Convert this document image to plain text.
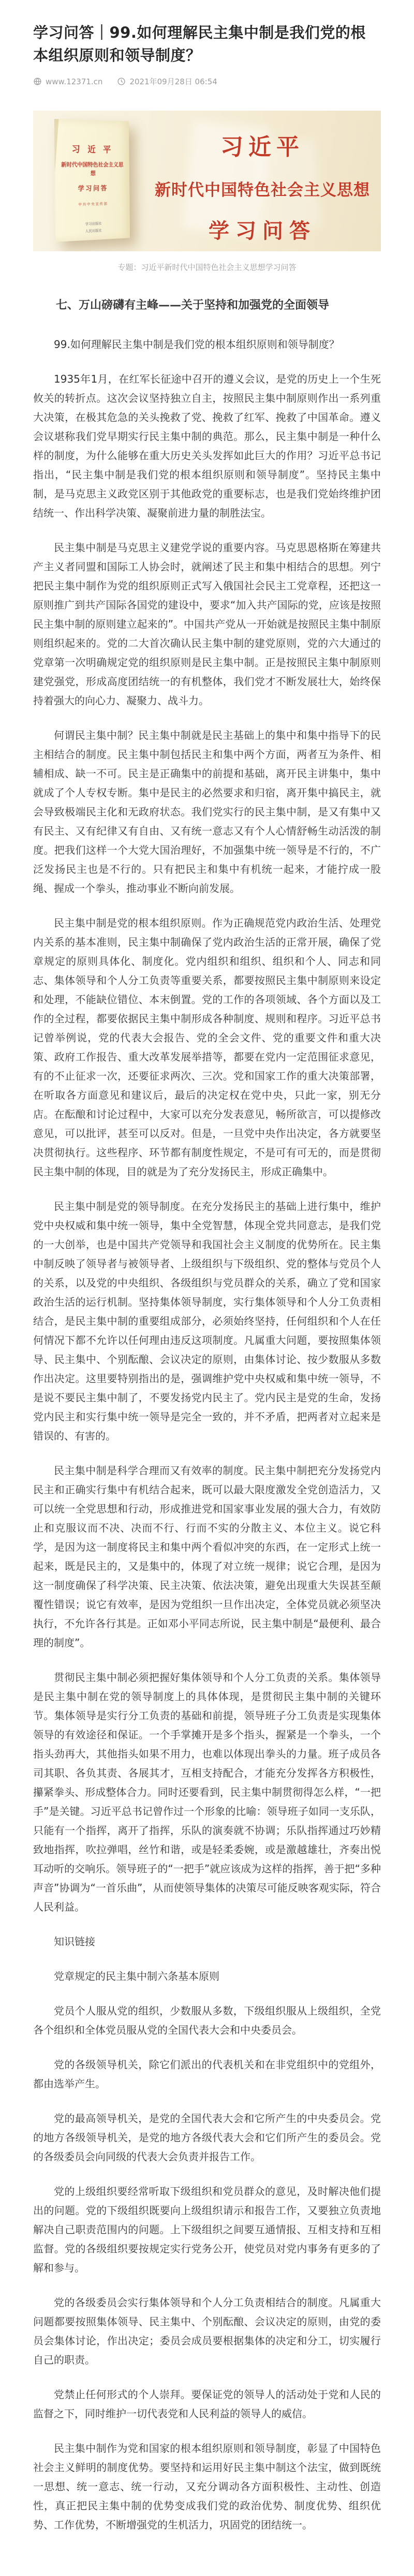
学习问答｜99.如何理解民主集中制是我们党的根本组织原则和领导制度？
www.12371.cn	2021年09月28日 06:54
习 近 平
新时代中国特色社会主义思想
学习问答
中共中央宣传部
学习出版社
人民出版社
习近平
新时代中国特色社会主义思想
学习问答
专题：习近平新时代中国特色社会主义思想学习问答
七、万山磅礴有主峰——关于坚持和加强党的全面领导

99.如何理解民主集中制是我们党的根本组织原则和领导制度？

1935年1月，在红军长征途中召开的遵义会议，是党的历史上一个生死攸关的转折点。这次会议坚持独立自主，按照民主集中制原则作出一系列重大决策，在极其危急的关头挽救了党、挽救了红军、挽救了中国革命。遵义会议堪称我们党早期实行民主集中制的典范。那么，民主集中制是一种什么样的制度，为什么能够在重大历史关头发挥如此巨大的作用？习近平总书记指出，“民主集中制是我们党的根本组织原则和领导制度”。坚持民主集中制，是马克思主义政党区别于其他政党的重要标志，也是我们党始终维护团结统一、作出科学决策、凝聚前进力量的制胜法宝。

民主集中制是马克思主义建党学说的重要内容。马克思恩格斯在筹建共产主义者同盟和国际工人协会时，就阐述了民主和集中相结合的思想。列宁把民主集中制作为党的组织原则正式写入俄国社会民主工党章程，还把这一原则推广到共产国际各国党的建设中，要求“加入共产国际的党，应该是按照民主集中制的原则建立起来的”。中国共产党从一开始就是按照民主集中制原则组织起来的。党的二大首次确认民主集中制的建党原则，党的六大通过的党章第一次明确规定党的组织原则是民主集中制。正是按照民主集中制原则建党强党，形成高度团结统一的有机整体，我们党才不断发展壮大，始终保持着强大的向心力、凝聚力、战斗力。

何谓民主集中制？民主集中制就是民主基础上的集中和集中指导下的民主相结合的制度。民主集中制包括民主和集中两个方面，两者互为条件、相辅相成、缺一不可。民主是正确集中的前提和基础，离开民主讲集中，集中就成了个人专权专断。集中是民主的必然要求和归宿，离开集中搞民主，就会导致极端民主化和无政府状态。我们党实行的民主集中制，是又有集中又有民主、又有纪律又有自由、又有统一意志又有个人心情舒畅生动活泼的制度。把我们这样一个大党大国治理好，不加强集中统一领导是不行的，不广泛发扬民主也是不行的。只有把民主和集中有机统一起来，才能拧成一股绳、握成一个拳头，推动事业不断向前发展。

民主集中制是党的根本组织原则。作为正确规范党内政治生活、处理党内关系的基本准则，民主集中制确保了党内政治生活的正常开展，确保了党章规定的原则具体化、制度化。党内组织和组织、组织和个人、同志和同志、集体领导和个人分工负责等重要关系，都要按照民主集中制原则来设定和处理，不能缺位错位、本末倒置。党的工作的各项领域、各个方面以及工作的全过程，都要依据民主集中制形成各种制度、规则和程序。习近平总书记曾举例说，党的代表大会报告、党的全会文件、党的重要文件和重大决策、政府工作报告、重大改革发展举措等，都要在党内一定范围征求意见，有的不止征求一次，还要征求两次、三次。党和国家工作的重大决策部署，在听取各方面意见和建议后，最后的决定权在党中央，只此一家，别无分店。在酝酿和讨论过程中，大家可以充分发表意见，畅所欲言，可以提修改意见，可以批评，甚至可以反对。但是，一旦党中央作出决定，各方就要坚决贯彻执行。这些程序、环节都有制度性规定，不是可有可无的，而是贯彻民主集中制的体现，目的就是为了充分发扬民主，形成正确集中。

民主集中制是党的领导制度。在充分发扬民主的基础上进行集中，维护党中央权威和集中统一领导，集中全党智慧，体现全党共同意志，是我们党的一大创举，也是中国共产党领导和我国社会主义制度的优势所在。民主集中制反映了领导者与被领导者、上级组织与下级组织、党的整体与党员个人的关系，以及党的中央组织、各级组织与党员群众的关系，确立了党和国家政治生活的运行机制。坚持集体领导制度，实行集体领导和个人分工负责相结合，是民主集中制的重要组成部分，必须始终坚持，任何组织和个人在任何情况下都不允许以任何理由违反这项制度。凡属重大问题，要按照集体领导、民主集中、个别酝酿、会议决定的原则，由集体讨论、按少数服从多数作出决定。这里要特别指出的是，强调维护党中央权威和集中统一领导，不是说不要民主集中制了，不要发扬党内民主了。党内民主是党的生命，发扬党内民主和实行集中统一领导是完全一致的，并不矛盾，把两者对立起来是错误的、有害的。

民主集中制是科学合理而又有效率的制度。民主集中制把充分发扬党内民主和正确实行集中有机结合起来，既可以最大限度激发全党创造活力，又可以统一全党思想和行动，形成推进党和国家事业发展的强大合力，有效防止和克服议而不决、决而不行、行而不实的分散主义、本位主义。说它科学，是因为这一制度将民主和集中两个看似冲突的东西，在一定形式上统一起来，既是民主的，又是集中的，体现了对立统一规律；说它合理，是因为这一制度确保了科学决策、民主决策、依法决策，避免出现重大失误甚至颠覆性错误；说它有效率，是因为党组织一旦作出决定，全体党员就必须坚决执行，不允许各行其是。正如邓小平同志所说，民主集中制是“最便利、最合理的制度”。

贯彻民主集中制必须把握好集体领导和个人分工负责的关系。集体领导是民主集中制在党的领导制度上的具体体现，是贯彻民主集中制的关键环节。集体领导是实行分工负责的基础和前提，领导班子分工负责是实现集体领导的有效途径和保证。一个手掌摊开是多个指头，握紧是一个拳头，一个指头劲再大，其他指头如果不用力，也难以体现出拳头的力量。班子成员各司其职、各负其责、各展其才，互相支持配合，才能充分发挥各方积极性，攥紧拳头、形成整体合力。同时还要看到，民主集中制贯彻得怎么样，“一把手”是关键。习近平总书记曾作过一个形象的比喻：领导班子如同一支乐队，只能有一个指挥，离开了指挥，乐队的演奏就不协调；乐队指挥通过巧妙精致地指挥，吹拉弹唱，丝竹和谐，或是轻柔委婉，或是激越雄壮，齐奏出悦耳动听的交响乐。领导班子的“一把手”就应该成为这样的指挥，善于把“多种声音”协调为“一首乐曲”，从而使领导集体的决策尽可能反映客观实际，符合人民利益。

知识链接

党章规定的民主集中制六条基本原则

党员个人服从党的组织，少数服从多数，下级组织服从上级组织，全党各个组织和全体党员服从党的全国代表大会和中央委员会。

党的各级领导机关，除它们派出的代表机关和在非党组织中的党组外，都由选举产生。

党的最高领导机关，是党的全国代表大会和它所产生的中央委员会。党的地方各级领导机关，是党的地方各级代表大会和它们所产生的委员会。党的各级委员会向同级的代表大会负责并报告工作。

党的上级组织要经常听取下级组织和党员群众的意见，及时解决他们提出的问题。党的下级组织既要向上级组织请示和报告工作，又要独立负责地解决自己职责范围内的问题。上下级组织之间要互通情报、互相支持和互相监督。党的各级组织要按规定实行党务公开，使党员对党内事务有更多的了解和参与。

党的各级委员会实行集体领导和个人分工负责相结合的制度。凡属重大问题都要按照集体领导、民主集中、个别酝酿、会议决定的原则，由党的委员会集体讨论，作出决定；委员会成员要根据集体的决定和分工，切实履行自己的职责。

党禁止任何形式的个人崇拜。要保证党的领导人的活动处于党和人民的监督之下，同时维护一切代表党和人民利益的领导人的威信。

民主集中制作为党和国家的根本组织原则和领导制度，彰显了中国特色社会主义鲜明的制度优势。要坚持和运用好民主集中制这个法宝，做到既统一思想、统一意志、统一行动，又充分调动各方面积极性、主动性、创造性，真正把民主集中制的优势变成我们党的政治优势、制度优势、组织优势、工作优势，不断增强党的生机活力，巩固党的团结统一。
